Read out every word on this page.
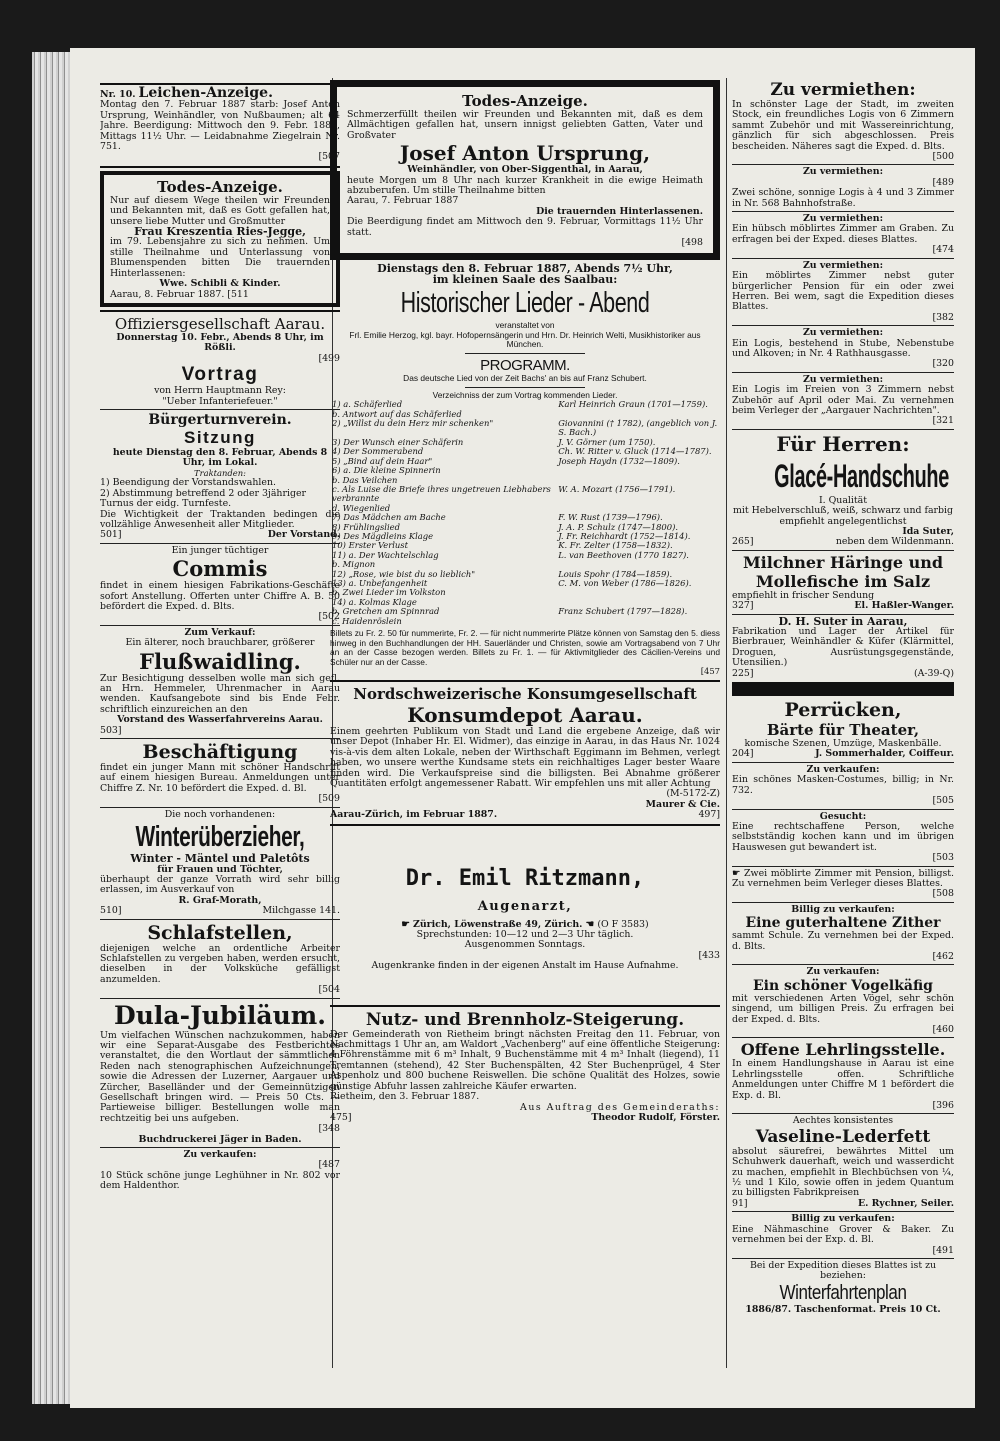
Nr. 10. Leichen-Anzeige.

Montag den 7. Februar 1887 starb: Josef Anton Ursprung, Weinhändler, von Nußbaumen; alt 64 Jahre. Beerdigung: Mittwoch den 9. Febr. 1887, Mittags 11½ Uhr. — Leidabnahme Ziegelrain Nr. 751.

[507

Todes-Anzeige.

Nur auf diesem Wege theilen wir Freunden und Bekannten mit, daß es Gott gefallen hat, unsere liebe Mutter und Großmutter

Frau Kreszentia Ries-Jegge,

im 79. Lebensjahre zu sich zu nehmen. Um stille Theilnahme und Unterlassung von Blumenspenden bitten Die trauernden Hinterlassenen:

Wwe. Schibli & Kinder.

Aarau, 8. Februar 1887. [511

Offiziersgesellschaft Aarau.

Donnerstag 10. Febr., Abends 8 Uhr, im Rößli.

[499

Vortrag

von Herrn Hauptmann Rey:

"Ueber Infanteriefeuer."

Bürgerturnverein.

Sitzung

heute Dienstag den 8. Februar, Abends 8 Uhr, im Lokal.

Traktanden:

1) Beendigung der Vorstandswahlen.

2) Abstimmung betreffend 2 oder 3jähriger Turnus der eidg. Turnfeste.

Die Wichtigkeit der Traktanden bedingen die vollzählige Anwesenheit aller Mitglieder.

501]	Der Vorstand.

Ein junger tüchtiger

Commis

findet in einem hiesigen Fabrikations-Geschäfte sofort Anstellung. Offerten unter Chiffre A. B. 50 befördert die Exped. d. Blts.

[502

Zum Verkauf:

Ein älterer, noch brauchbarer, größerer

Flußwaidling.

Zur Besichtigung desselben wolle man sich gefl. an Hrn. Hemmeler, Uhrenmacher in Aarau wenden. Kaufsangebote sind bis Ende Febr. schriftlich einzureichen an den

Vorstand des Wasserfahrvereins Aarau.

503]

Beschäftigung

findet ein junger Mann mit schöner Handschrift auf einem hiesigen Bureau. Anmeldungen unter Chiffre Z. Nr. 10 befördert die Exped. d. Bl.

[509

Die noch vorhandenen:

Winterüberzieher,

Winter - Mäntel und Paletôts

für Frauen und Töchter,

überhaupt der ganze Vorrath wird sehr billig erlassen, im Ausverkauf von

R. Graf-Morath,

510]	Milchgasse 141.

Schlafstellen,

diejenigen welche an ordentliche Arbeiter Schlafstellen zu vergeben haben, werden ersucht, dieselben in der Volksküche gefälligst anzumelden.

[504

Dula-Jubiläum.

Um vielfachen Wünschen nachzukommen, haben wir eine Separat-Ausgabe des Festberichtes veranstaltet, die den Wortlaut der sämmtlichen Reden nach stenographischen Aufzeichnungen, sowie die Adressen der Luzerner, Aargauer und Zürcher, Baselländer und der Gemeinnützigen Gesellschaft bringen wird. — Preis 50 Cts. — Partieweise billiger. Bestellungen wolle man rechtzeitig bei uns aufgeben.

[348

Buchdruckerei Jäger in Baden.

Zu verkaufen:

[487

10 Stück schöne junge Leghühner in Nr. 802 vor dem Haldenthor.

Todes-Anzeige.

Schmerzerfüllt theilen wir Freunden und Bekannten mit, daß es dem Allmächtigen gefallen hat, unsern innigst geliebten Gatten, Vater und Großvater

Josef Anton Ursprung,

Weinhändler, von Ober-Siggenthal, in Aarau,

heute Morgen um 8 Uhr nach kurzer Krankheit in die ewige Heimath abzuberufen. Um stille Theilnahme bitten

Aarau, 7. Februar 1887

Die trauernden Hinterlassenen.

Die Beerdigung findet am Mittwoch den 9. Februar, Vormittags 11½ Uhr statt.

[498

Dienstags den 8. Februar 1887, Abends 7½ Uhr,

im kleinen Saale des Saalbau:

Historischer Lieder - Abend

veranstaltet von

Frl. Emilie Herzog, kgl. bayr. Hofopernsängerin und Hrn. Dr. Heinrich Welti, Musikhistoriker aus München.

PROGRAMM.

Das deutsche Lied von der Zeit Bachs' an bis auf Franz Schubert.

Verzeichniss der zum Vortrag kommenden Lieder.

1) a. Schäferlied	Karl Heinrich Graun (1701—1759).
b. Antwort auf das Schäferlied	
2) „Willst du dein Herz mir schenken"	Giovannini († 1782), (angeblich von J. S. Bach.)
3) Der Wunsch einer Schäferin	J. V. Görner (um 1750).
4) Der Sommerabend	Ch. W. Ritter v. Gluck (1714—1787).
5) „Bind auf dein Haar"	Joseph Haydn (1732—1809).
6) a. Die kleine Spinnerin	
b. Das Veilchen	
c. Als Luise die Briefe ihres ungetreuen Liebhabers verbrannte	W. A. Mozart (1756—1791).
d. Wiegenlied	
7) Das Mädchen am Bache	F. W. Rust (1739—1796).
8) Frühlingslied	J. A. P. Schulz (1747—1800).
9) Des Mägdleins Klage	J. Fr. Reichhardt (1752—1814).
10) Erster Verlust	K. Fr. Zelter (1758—1832).
11) a. Der Wachtelschlag	L. van Beethoven (1770 1827).
b. Mignon	
12) „Rose, wie bist du so lieblich"	Louis Spohr (1784—1859).
13) a. Unbefangenheit	C. M. von Weber (1786—1826).
b. Zwei Lieder im Volkston	
14) a. Kolmas Klage	
b. Gretchen am Spinnrad	Franz Schubert (1797—1828).
c. Haidenröslein	

Billets zu Fr. 2. 50 für nummerirte, Fr. 2. — für nicht nummerirte Plätze können von Samstag den 5. diess hinweg in den Buchhandlungen der HH. Sauerländer und Christen, sowie am Vortragsabend von 7 Uhr an an der Casse bezogen werden. Billets zu Fr. 1. — für Aktivmitglieder des Cäcilien-Vereins und Schüler nur an der Casse.

[457

Nordschweizerische Konsumgesellschaft

Konsumdepot Aarau.

Einem geehrten Publikum von Stadt und Land die ergebene Anzeige, daß wir unser Depot (Inhaber Hr. El. Widmer), das einzige in Aarau, in das Haus Nr. 1024 vis-à-vis dem alten Lokale, neben der Wirthschaft Eggimann im Behmen, verlegt haben, wo unsere werthe Kundsame stets ein reichhaltiges Lager bester Waare finden wird. Die Verkaufspreise sind die billigsten. Bei Abnahme größerer Quantitäten erfolgt angemessener Rabatt. Wir empfehlen uns mit aller Achtung

(M-5172-Z)

Maurer & Cie.

Aarau-Zürich, im Februar 1887.	497]

Dr. Emil Ritzmann,

Augenarzt,

☛ Zürich, Löwenstraße 49, Zürich. ☚ (O F 3583)

Sprechstunden: 10—12 und 2—3 Uhr täglich.

Ausgenommen Sonntags.

[433

Augenkranke finden in der eigenen Anstalt im Hause Aufnahme.

Nutz- und Brennholz-Steigerung.

Der Gemeinderath von Rietheim bringt nächsten Freitag den 11. Februar, von Nachmittags 1 Uhr an, am Waldort „Vachenberg" auf eine öffentliche Steigerung: 4 Föhrenstämme mit 6 m³ Inhalt, 9 Buchenstämme mit 4 m³ Inhalt (liegend), 11 Tremtannen (stehend), 42 Ster Buchenspälten, 42 Ster Buchenprügel, 4 Ster Aspenholz und 800 buchene Reiswellen. Die schöne Qualität des Holzes, sowie günstige Abfuhr lassen zahlreiche Käufer erwarten.

Rietheim, den 3. Februar 1887.

Aus Auftrag des Gemeinderaths:

475]	Theodor Rudolf, Förster.

Zu vermiethen:

In schönster Lage der Stadt, im zweiten Stock, ein freundliches Logis von 6 Zimmern sammt Zubehör und mit Wassereinrichtung, gänzlich für sich abgeschlossen. Preis bescheiden. Näheres sagt die Exped. d. Blts.

[500

Zu vermiethen:

[489

Zwei schöne, sonnige Logis à 4 und 3 Zimmer in Nr. 568 Bahnhofstraße.

Zu vermiethen:

Ein hübsch möblirtes Zimmer am Graben. Zu erfragen bei der Exped. dieses Blattes.

[474

Zu vermiethen:

Ein möblirtes Zimmer nebst guter bürgerlicher Pension für ein oder zwei Herren. Bei wem, sagt die Expedition dieses Blattes.

[382

Zu vermiethen:

Ein Logis, bestehend in Stube, Nebenstube und Alkoven; in Nr. 4 Rathhausgasse.

[320

Zu vermiethen:

Ein Logis im Freien von 3 Zimmern nebst Zubehör auf April oder Mai. Zu vernehmen beim Verleger der „Aargauer Nachrichten".

[321

Für Herren:

Glacé-Handschuhe

I. Qualität

mit Hebelverschluß, weiß, schwarz und farbig empfiehlt angelegentlichst

Ida Suter,

265]	neben dem Wildenmann.

Milchner Häringe und

Mollefische im Salz

empfiehlt in frischer Sendung

327]	El. Haßler-Wanger.

D. H. Suter in Aarau,

Fabrikation und Lager der Artikel für Bierbrauer, Weinhändler & Küfer (Klärmittel, Droguen, Ausrüstungsgegenstände, Utensilien.)

225]	(A-39-Q)

Perrücken,

Bärte für Theater,

komische Szenen, Umzüge, Maskenbälle.

204]	J. Sommerhalder, Coiffeur.

Zu verkaufen:

Ein schönes Masken-Costumes, billig; in Nr. 732.

[505

Gesucht:

Eine rechtschaffene Person, welche selbstständig kochen kann und im übrigen Hauswesen gut bewandert ist.

[503

☛ Zwei möblirte Zimmer mit Pension, billigst. Zu vernehmen beim Verleger dieses Blattes.

[508

Billig zu verkaufen:

Eine guterhaltene Zither

sammt Schule. Zu vernehmen bei der Exped. d. Blts.

[462

Zu verkaufen:

Ein schöner Vogelkäfig

mit verschiedenen Arten Vögel, sehr schön singend, um billigen Preis. Zu erfragen bei der Exped. d. Blts.

[460

Offene Lehrlingsstelle.

In einem Handlungshause in Aarau ist eine Lehrlingsstelle offen. Schriftliche Anmeldungen unter Chiffre M 1 befördert die Exp. d. Bl.

[396

Aechtes konsistentes

Vaseline-Lederfett

absolut säurefrei, bewährtes Mittel um Schuhwerk dauerhaft, weich und wasserdicht zu machen, empfiehlt in Blechbüchsen von ¼, ½ und 1 Kilo, sowie offen in jedem Quantum zu billigsten Fabrikpreisen

91]	E. Rychner, Seiler.

Billig zu verkaufen:

Eine Nähmaschine Grover & Baker. Zu vernehmen bei der Exp. d. Bl.

[491

Bei der Expedition dieses Blattes ist zu beziehen:

Winterfahrtenplan

1886/87. Taschenformat. Preis 10 Ct.
